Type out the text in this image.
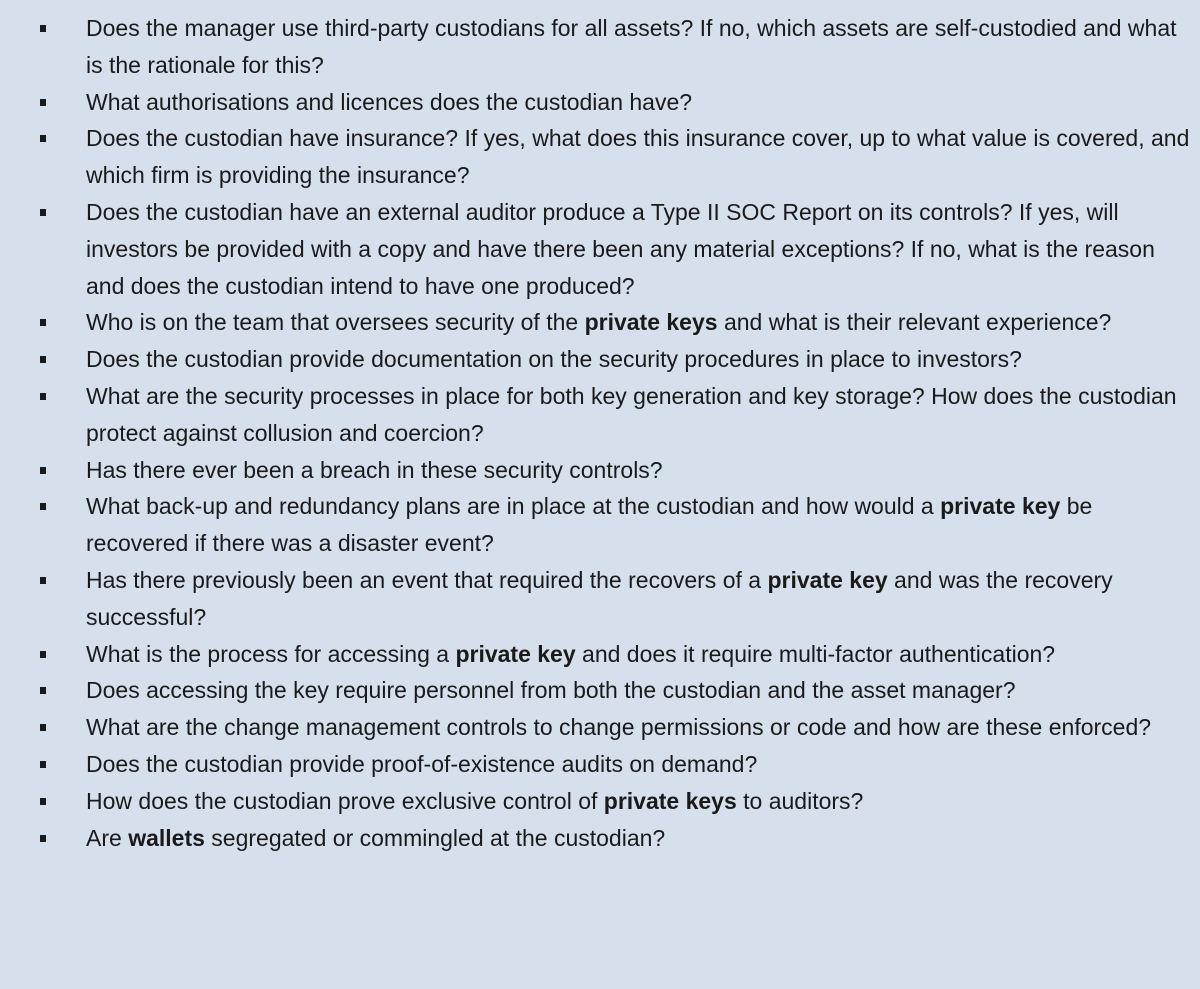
Does the manager use third-party custodians for all assets? If no, which assets are self-custodied and what is the rationale for this?
What authorisations and licences does the custodian have?
Does the custodian have insurance? If yes, what does this insurance cover, up to what value is covered, and which firm is providing the insurance?
Does the custodian have an external auditor produce a Type II SOC Report on its controls? If yes, will investors be provided with a copy and have there been any material exceptions? If no, what is the reason and does the custodian intend to have one produced?
Who is on the team that oversees security of the private keys and what is their relevant experience?
Does the custodian provide documentation on the security procedures in place to investors?
What are the security processes in place for both key generation and key storage? How does the custodian protect against collusion and coercion?
Has there ever been a breach in these security controls?
What back-up and redundancy plans are in place at the custodian and how would a private key be recovered if there was a disaster event?
Has there previously been an event that required the recovers of a private key and was the recovery successful?
What is the process for accessing a private key and does it require multi-factor authentication?
Does accessing the key require personnel from both the custodian and the asset manager?
What are the change management controls to change permissions or code and how are these enforced?
Does the custodian provide proof-of-existence audits on demand?
How does the custodian prove exclusive control of private keys to auditors?
Are wallets segregated or commingled at the custodian?
